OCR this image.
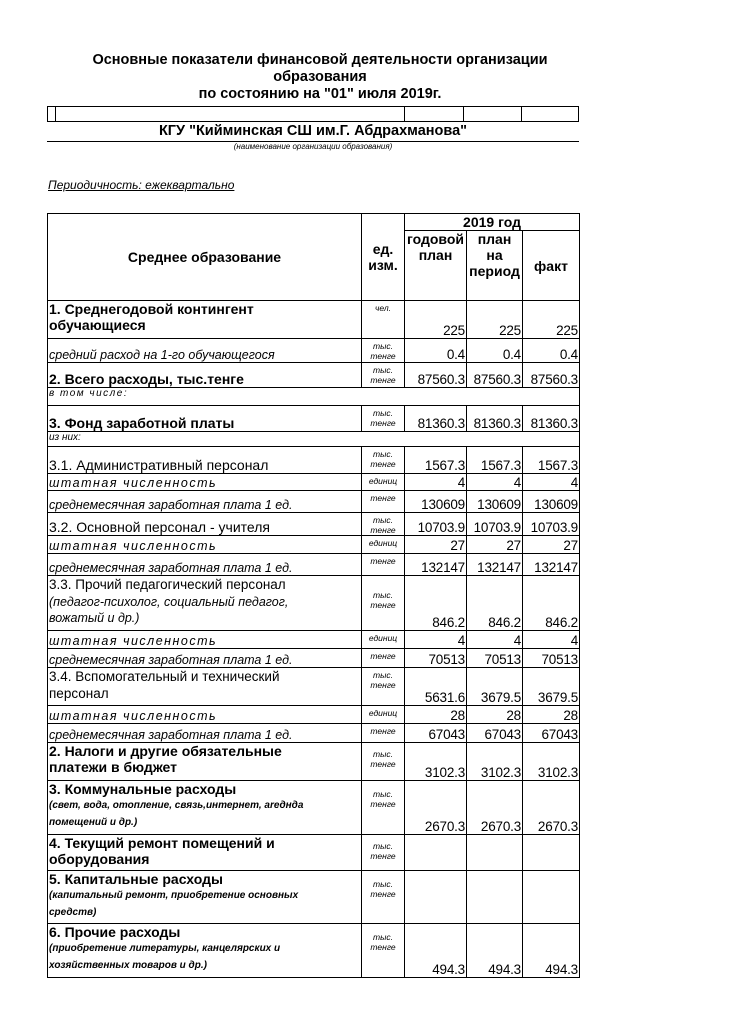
Основные показатели финансовой деятельности организации
образования
по состоянию на "01" июля 2019г.
КГУ "Кийминская СШ им.Г. Абдрахманова"
(наименование организации образования)
Периодичность: ежеквартально
Среднее образование	ед. изм.	2019 год		
		годовой план	план на период	факт

1. Среднегодовой контингент
обучающиеся	чел.	225	225	225
средний расход на 1-го обучающегося	тыс. тенге	0.4	0.4	0.4
2. Всего расходы, тыс.тенге	тыс. тенге	87560.3	87560.3	87560.3
в том числе:				
3. Фонд заработной платы	тыс. тенге	81360.3	81360.3	81360.3
из них:				
3.1. Административный персонал	тыс. тенге	1567.3	1567.3	1567.3
штатная численность	единиц	4	4	4
среднемесячная заработная плата 1 ед.	тенге	130609	130609	130609
3.2. Основной персонал - учителя	тыс. тенге	10703.9	10703.9	10703.9
штатная численность	единиц	27	27	27
среднемесячная заработная плата 1 ед.	тенге	132147	132147	132147

3.3. Прочий педагогический персонал
(педагог-психолог, социальный педагог,
вожатый и др.)	тыс. тенге	846.2	846.2	846.2
штатная численность	единиц	4	4	4
среднемесячная заработная плата 1 ед.	тенге	70513	70513	70513

3.4. Вспомогательный и технический
персонал	тыс. тенге	5631.6	3679.5	3679.5
штатная численность	единиц	28	28	28
среднемесячная заработная плата 1 ед.	тенге	67043	67043	67043

2. Налоги и другие обязательные
платежи в бюджет	тыс. тенге	3102.3	3102.3	3102.3

3. Коммунальные расходы
(свет, вода, отопление, связь,интернет, areднда
помещений и др.)	тыс. тенге	2670.3	2670.3	2670.3

4. Текущий ремонт помещений и
оборудования	тыс. тенге			

5. Капитальные расходы
(капитальный ремонт, приобретение основных
средств)	тыс. тенге			

6. Прочие расходы
(приобретение литературы, канцелярских и
хозяйственных товаров и др.)	тыс. тенге	494.3	494.3	494.3
